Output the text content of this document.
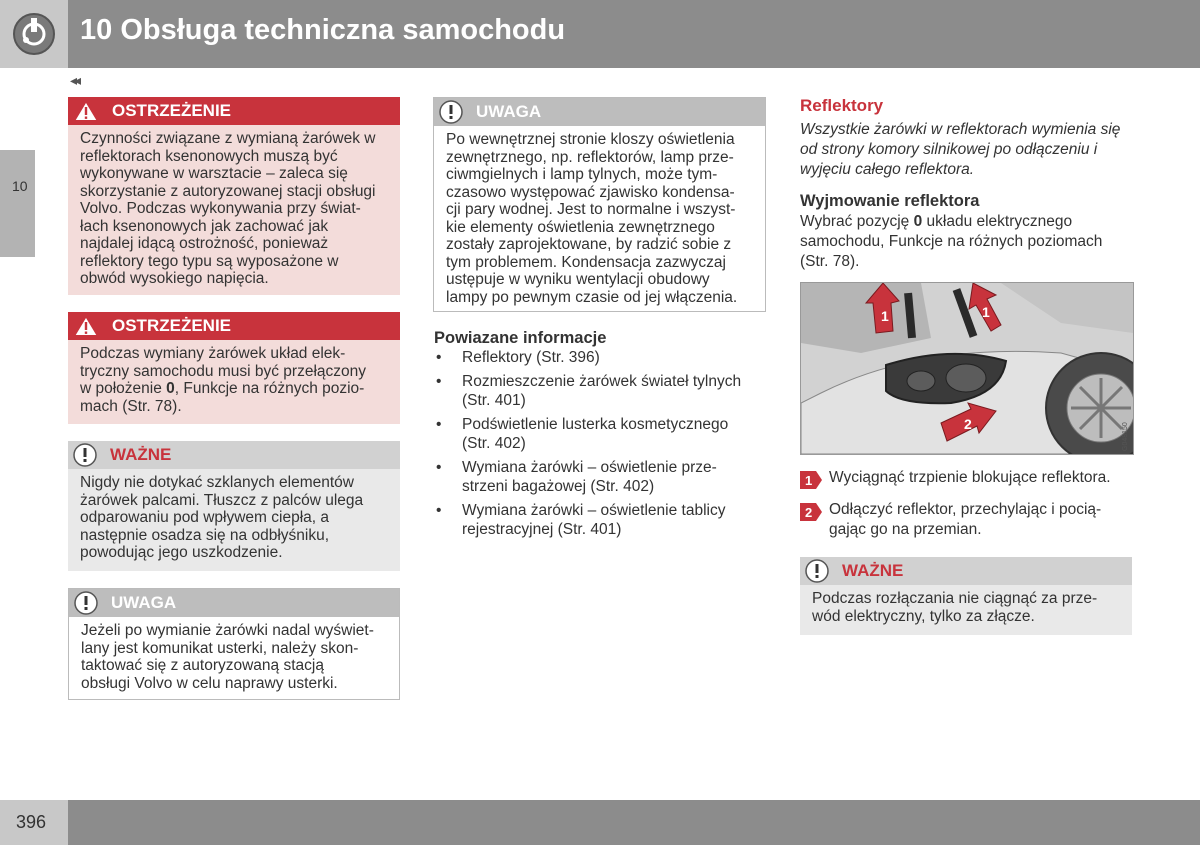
10 Obsługa techniczna samochodu
◂◂
10
OSTRZEŻENIE
Czynności związane z wymianą żarówek w
reflektorach ksenonowych muszą być
wykonywane w warsztacie – zaleca się
skorzystanie z autoryzowanej stacji obsługi
Volvo. Podczas wykonywania przy świat-
łach ksenonowych jak zachować jak
najdalej idącą ostrożność, ponieważ
reflektory tego typu są wyposażone w
obwód wysokiego napięcia.
OSTRZEŻENIE
Podczas wymiany żarówek układ elek-
tryczny samochodu musi być przełączony
w położenie 0, Funkcje na różnych pozio-
mach (Str. 78).
WAŻNE
Nigdy nie dotykać szklanych elementów
żarówek palcami. Tłuszcz z palców ulega
odparowaniu pod wpływem ciepła, a
następnie osadza się na odbłyśniku,
powodując jego uszkodzenie.
UWAGA
Jeżeli po wymianie żarówki nadal wyświet-
lany jest komunikat usterki, należy skon-
taktować się z autoryzowaną stacją
obsługi Volvo w celu naprawy usterki.
UWAGA
Po wewnętrznej stronie kloszy oświetlenia
zewnętrznego, np. reflektorów, lamp prze-
ciwmgielnych i lamp tylnych, może tym-
czasowo występować zjawisko kondensa-
cji pary wodnej. Jest to normalne i wszyst-
kie elementy oświetlenia zewnętrznego
zostały zaprojektowane, by radzić sobie z
tym problemem. Kondensacja zazwyczaj
ustępuje w wyniku wentylacji obudowy
lampy po pewnym czasie od jej włączenia.
Powiazane informacje
• Reflektory (Str. 396)
• Rozmieszczenie żarówek świateł tylnych
(Str. 401)
• Podświetlenie lusterka kosmetycznego
(Str. 402)
• Wymiana żarówki – oświetlenie prze-
strzeni bagażowej (Str. 402)
• Wymiana żarówki – oświetlenie tablicy
rejestracyjnej (Str. 401)
Reflektory
Wszystkie żarówki w reflektorach wymienia się
od strony komory silnikowej po odłączeniu i
wyjęciu całego reflektora.
Wyjmowanie reflektora
Wybrać pozycję 0 układu elektrycznego
samochodu, Funkcje na różnych poziomach
(Str. 78).
1	1
2	G048150
1 Wyciągnąć trzpienie blokujące reflektora.
2 Odłączyć reflektor, przechylając i pocią-
gając go na przemian.
WAŻNE
Podczas rozłączania nie ciągnąć za prze-
wód elektryczny, tylko za złącze.
396
